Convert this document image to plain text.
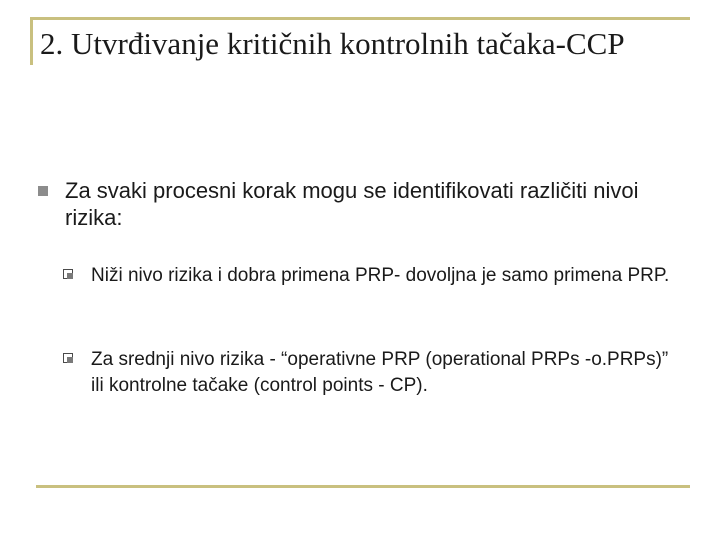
2. Utvrđivanje kritičnih kontrolnih tačaka-CCP
Za svaki procesni korak mogu se identifikovati različiti nivoi rizika:
Niži nivo rizika i dobra primena PRP- dovoljna je samo primena PRP.
Za srednji nivo rizika - “operativne PRP (operational PRPs -o.PRPs)” ili kontrolne tačake (control points - CP).
